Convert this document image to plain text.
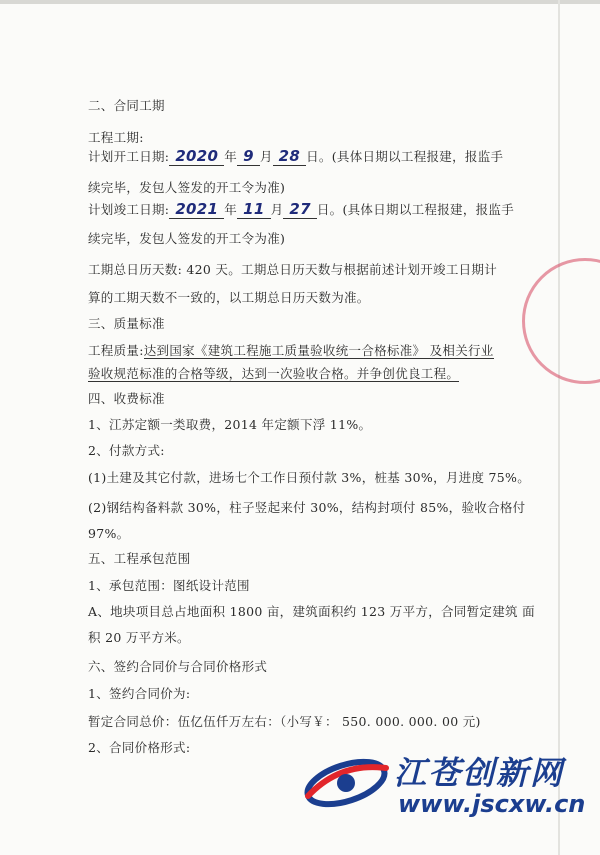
二、合同工期
工程工期:
计划开工日期: 2020 年 9 月 28 日。(具体日期以工程报建，报监手
续完毕，发包人签发的开工令为准)
计划竣工日期: 2021 年 11 月 27 日。(具体日期以工程报建，报监手
续完毕，发包人签发的开工令为准)
工期总日历天数: 420 天。工期总日历天数与根据前述计划开竣工日期计
算的工期天数不一致的，以工期总日历天数为准。
三、质量标准
工程质量:达到国家《建筑工程施工质量验收统一合格标准》 及相关行业
验收规范标准的合格等级，达到一次验收合格。并争创优良工程。
四、收费标准
1、江苏定额一类取费，2014 年定额下浮 11%。
2、付款方式:
(1)土建及其它付款，进场七个工作日预付款 3%，桩基 30%，月进度 75%。
(2)钢结构备料款 30%，柱子竖起来付 30%，结构封项付 85%，验收合格付
97%。
五、工程承包范围
1、承包范围：图纸设计范围
A、地块项目总占地面积 1800 亩，建筑面积约 123 万平方，合同暂定建筑 面
积 20 万平方米。
六、签约合同价与合同价格形式
1、签约合同价为:
暂定合同总价：伍亿伍仟万左右：（小写￥： 550. 000. 000. 00 元)
2、合同价格形式:
江苍创新网
www.jscxw.cn
